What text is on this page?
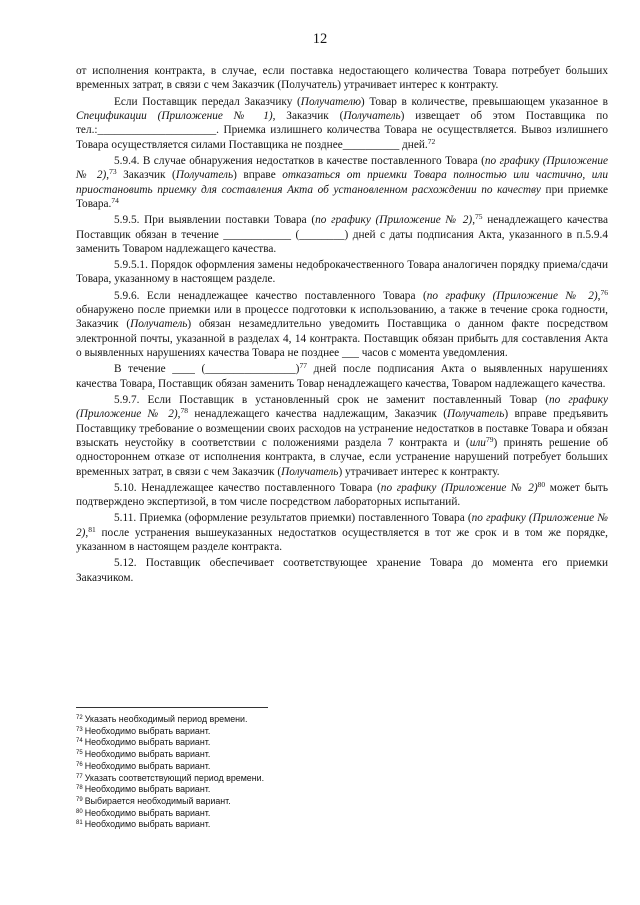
12

от исполнения контракта, в случае, если поставка недостающего количества Товара потребует больших временных затрат, в связи с чем Заказчик (Получатель) утрачивает интерес к контракту.

Если Поставщик передал Заказчику (Получателю) Товар в количестве, превышающем указанное в Спецификации (Приложение № 1), Заказчик (Получатель) извещает об этом Поставщика по тел.:_____________________. Приемка излишнего количества Товара не осуществляется. Вывоз излишнего Товара осуществляется силами Поставщика не позднее__________ дней.$^{72}$

5.9.4. В случае обнаружения недостатков в качестве поставленного Товара (по графику (Приложение № 2),$^{73}$ Заказчик (Получатель) вправе отказаться от приемки Товара полностью или частично, или приостановить приемку для составления Акта об установленном расхождении по качеству при приемке Товара.$^{74}$

5.9.5. При выявлении поставки Товара (по графику (Приложение № 2),$^{75}$ ненадлежащего качества Поставщик обязан в течение ____________ (________) дней с даты подписания Акта, указанного в п.5.9.4 заменить Товаром надлежащего качества.

5.9.5.1. Порядок оформления замены недоброкачественного Товара аналогичен порядку приема/сдачи Товара, указанному в настоящем разделе.

5.9.6. Если ненадлежащее качество поставленного Товара (по графику (Приложение № 2),$^{76}$ обнаружено после приемки или в процессе подготовки к использованию, а также в течение срока годности, Заказчик (Получатель) обязан незамедлительно уведомить Поставщика о данном факте посредством электронной почты, указанной в разделах 4, 14 контракта. Поставщик обязан прибыть для составления Акта о выявленных нарушениях качества Товара не позднее ___ часов с момента уведомления.

В течение ____ (________________)$^{77}$ дней после подписания Акта о выявленных нарушениях качества Товара, Поставщик обязан заменить Товар ненадлежащего качества, Товаром надлежащего качества.

5.9.7. Если Поставщик в установленный срок не заменит поставленный Товар (по графику (Приложение № 2),$^{78}$ ненадлежащего качества надлежащим, Заказчик (Получатель) вправе предъявить Поставщику требование о возмещении своих расходов на устранение недостатков в поставке Товара и обязан взыскать неустойку в соответствии с положениями раздела 7 контракта и (или$^{79}$) принять решение об одностороннем отказе от исполнения контракта, в случае, если устранение нарушений потребует больших временных затрат, в связи с чем Заказчик (Получатель) утрачивает интерес к контракту.

5.10. Ненадлежащее качество поставленного Товара (по графику (Приложение № 2)$^{80}$ может быть подтверждено экспертизой, в том числе посредством лабораторных испытаний.

5.11. Приемка (оформление результатов приемки) поставленного Товара (по графику (Приложение № 2),$^{81}$ после устранения вышеуказанных недостатков осуществляется в тот же срок и в том же порядке, указанном в настоящем разделе контракта.

5.12. Поставщик обеспечивает соответствующее хранение Товара до момента его приемки Заказчиком.

$^{72}$ Указать необходимый период времени.
$^{73}$ Необходимо выбрать вариант.
$^{74}$ Необходимо выбрать вариант.
$^{75}$ Необходимо выбрать вариант.
$^{76}$ Необходимо выбрать вариант.
$^{77}$ Указать соответствующий период времени.
$^{78}$ Необходимо выбрать вариант.
$^{79}$ Выбирается необходимый вариант.
$^{80}$ Необходимо выбрать вариант.
$^{81}$ Необходимо выбрать вариант.
